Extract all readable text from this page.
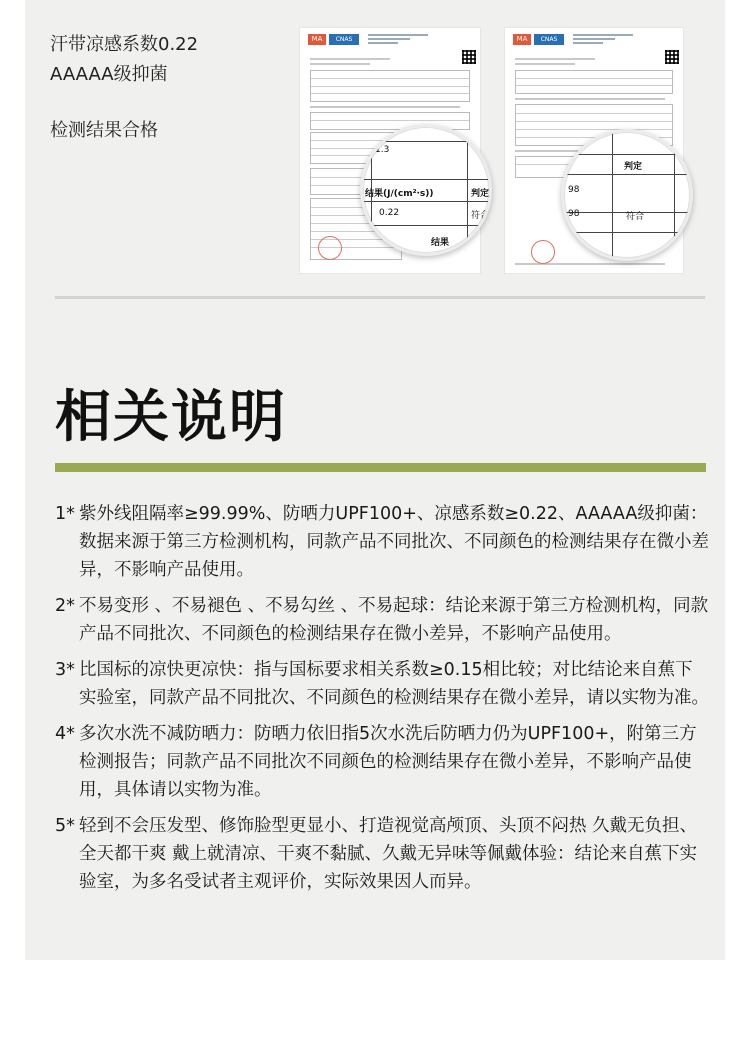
汗带凉感系数0.22
AAAAA级抑菌
检测结果合格
MA	CNAS	MA	CNAS
1.3
结果(J/(cm²·s))	判定
0.22	符合
结果
判定
98
98	符合
相关说明
1* 紫外线阻隔率≥99.99%、防晒力UPF100+、凉感系数≥0.22、AAAAA级抑菌：数据来源于第三方检测机构，同款产品不同批次、不同颜色的检测结果存在微小差异，不影响产品使用。
2* 不易变形 、不易褪色 、不易勾丝 、不易起球：结论来源于第三方检测机构，同款产品不同批次、不同颜色的检测结果存在微小差异，不影响产品使用。
3* 比国标的凉快更凉快：指与国标要求相关系数≥0.15相比较；对比结论来自蕉下实验室，同款产品不同批次、不同颜色的检测结果存在微小差异，请以实物为准。
4* 多次水洗不减防晒力：防晒力依旧指5次水洗后防晒力仍为UPF100+，附第三方检测报告；同款产品不同批次不同颜色的检测结果存在微小差异，不影响产品使用，具体请以实物为准。
5* 轻到不会压发型、修饰脸型更显小、打造视觉高颅顶、头顶不闷热 久戴无负担、全天都干爽 戴上就清凉、干爽不黏腻、久戴无异味等佩戴体验：结论来自蕉下实验室，为多名受试者主观评价，实际效果因人而异。
